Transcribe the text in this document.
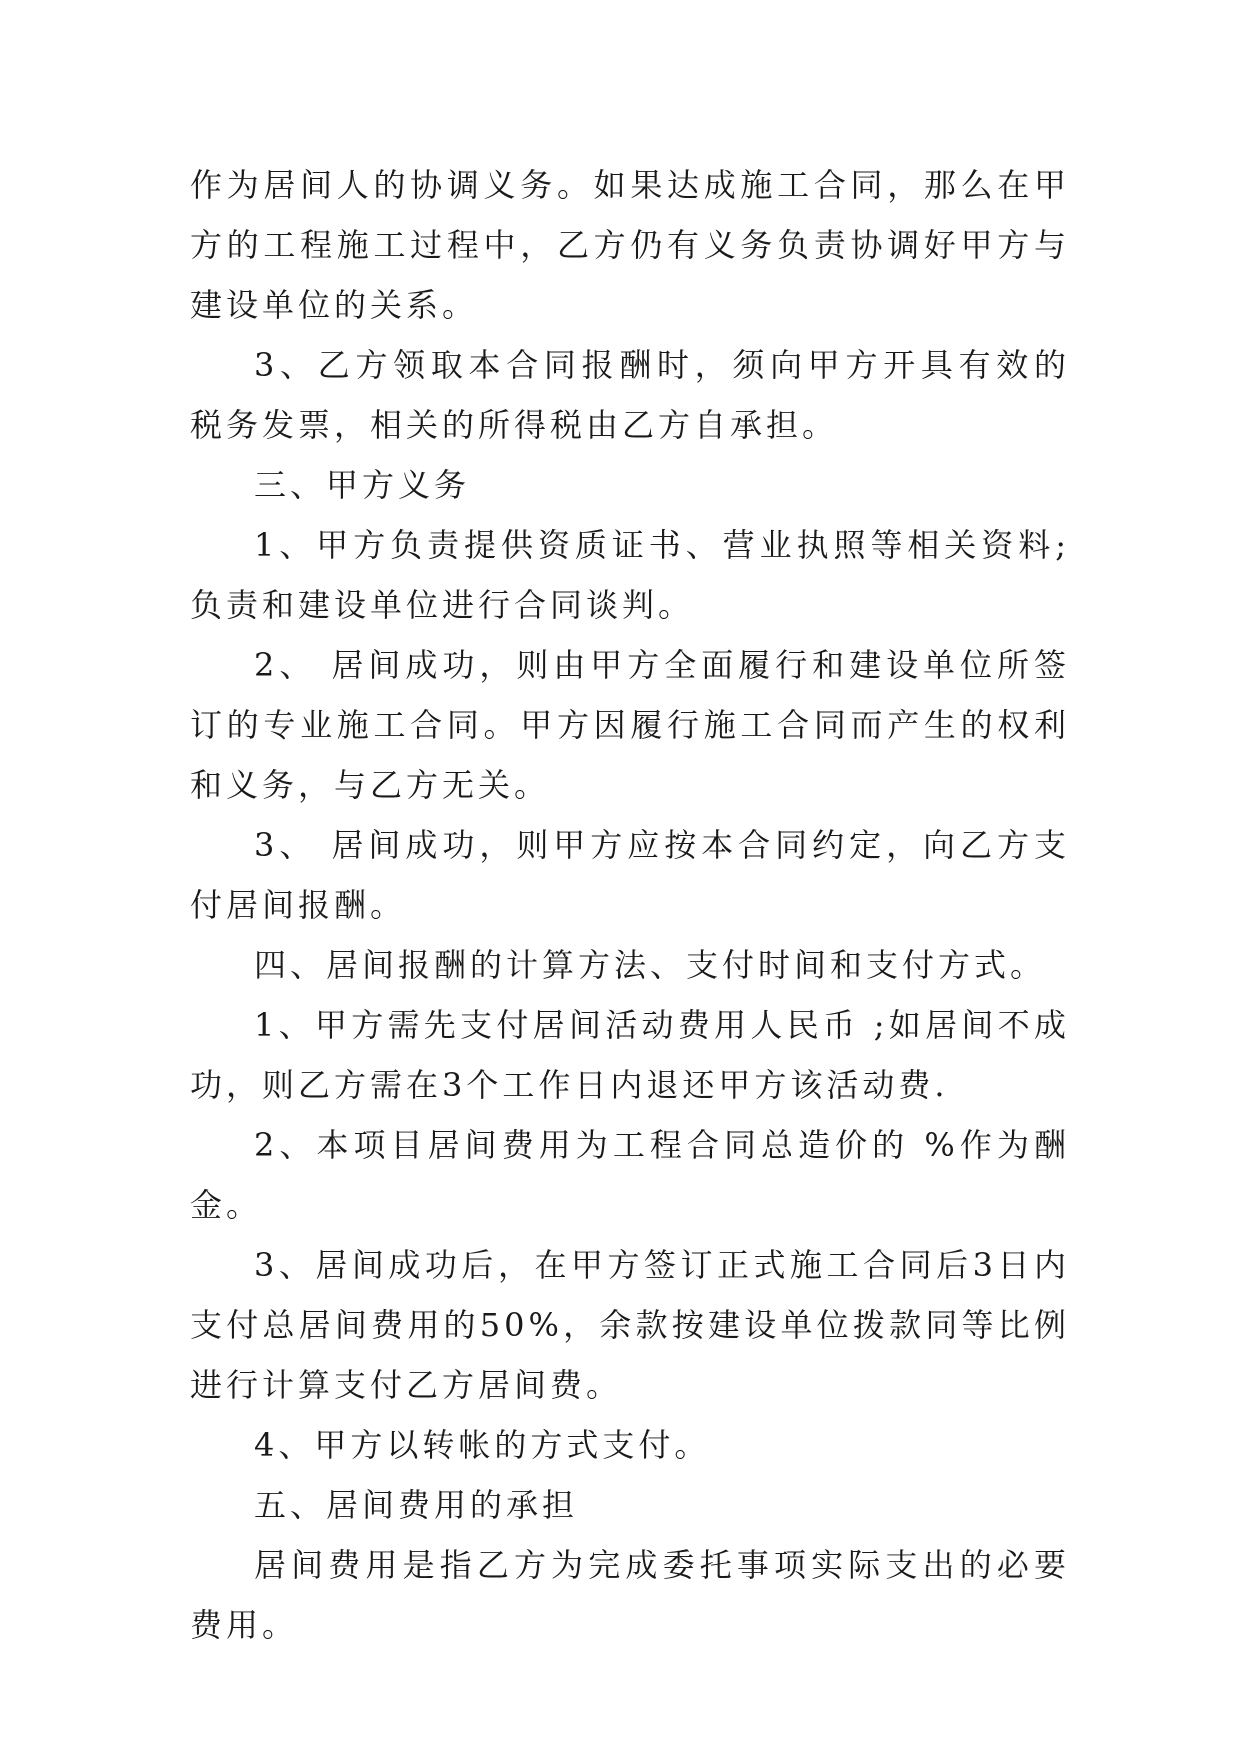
作为居间人的协调义务。如果达成施工合同，那么在甲方的工程施工过程中，乙方仍有义务负责协调好甲方与建设单位的关系。

3、乙方领取本合同报酬时，须向甲方开具有效的税务发票，相关的所得税由乙方自承担。

三、甲方义务

1、甲方负责提供资质证书、营业执照等相关资料;负责和建设单位进行合同谈判。

2、 居间成功，则由甲方全面履行和建设单位所签订的专业施工合同。甲方因履行施工合同而产生的权利和义务，与乙方无关。

3、 居间成功，则甲方应按本合同约定，向乙方支付居间报酬。

四、居间报酬的计算方法、支付时间和支付方式。

1、甲方需先支付居间活动费用人民币 ;如居间不成功，则乙方需在3个工作日内退还甲方该活动费.

2、本项目居间费用为工程合同总造价的 %作为酬金。

3、居间成功后，在甲方签订正式施工合同后3日内支付总居间费用的50%，余款按建设单位拨款同等比例进行计算支付乙方居间费。

4、甲方以转帐的方式支付。

五、居间费用的承担

居间费用是指乙方为完成委托事项实际支出的必要费用。
